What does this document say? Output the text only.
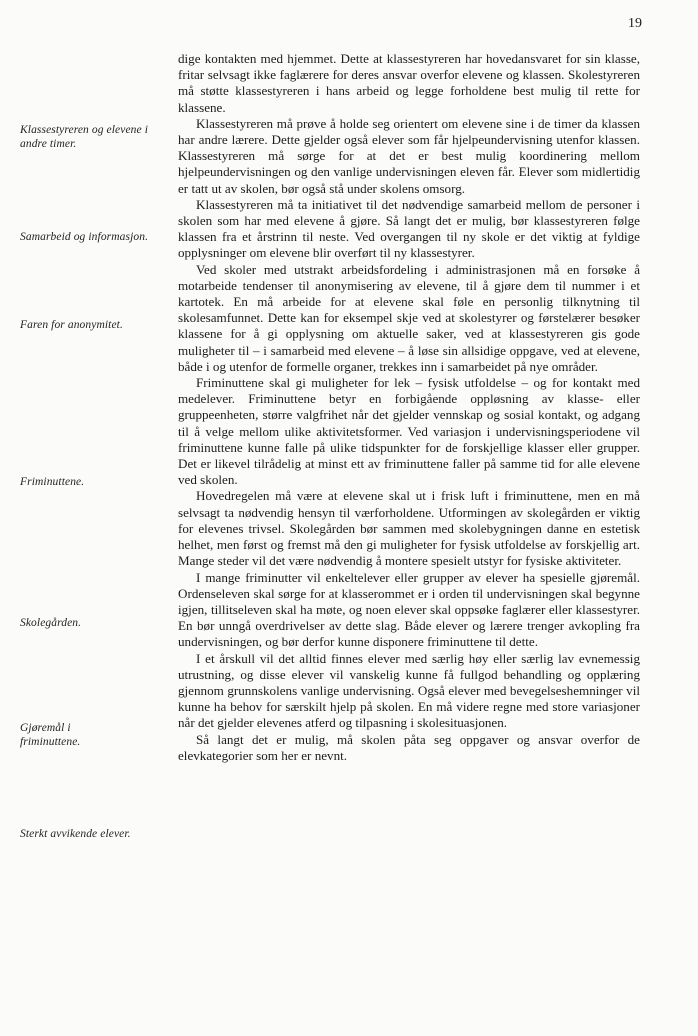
19
Klassestyreren og elevene i andre timer.
Samarbeid og informasjon.
Faren for anonymitet.
Friminuttene.
Skolegården.
Gjøremål i friminuttene.
Sterkt avvikende elever.

dige kontakten med hjemmet. Dette at klassestyreren har hovedansvaret for sin klasse, fritar selvsagt ikke faglærere for deres ansvar overfor elevene og klassen. Skolestyreren må støtte klassestyreren i hans arbeid og legge forholdene best mulig til rette for klassene.

Klassestyreren må prøve å holde seg orientert om elevene sine i de timer da klassen har andre lærere. Dette gjelder også elever som får hjelpeundervisning utenfor klassen. Klassestyreren må sørge for at det er best mulig koordinering mellom hjelpeundervisningen og den vanlige undervisningen eleven får. Elever som midlertidig er tatt ut av skolen, bør også stå under skolens omsorg.

Klassestyreren må ta initiativet til det nødvendige samarbeid mellom de personer i skolen som har med elevene å gjøre. Så langt det er mulig, bør klassestyreren følge klassen fra et årstrinn til neste. Ved overgangen til ny skole er det viktig at fyldige opplysninger om elevene blir overført til ny klassestyrer.

Ved skoler med utstrakt arbeidsfordeling i administrasjonen må en forsøke å motarbeide tendenser til anonymisering av elevene, til å gjøre dem til nummer i et kartotek. En må arbeide for at elevene skal føle en personlig tilknytning til skolesamfunnet. Dette kan for eksempel skje ved at skolestyrer og førstelærer besøker klassene for å gi opplysning om aktuelle saker, ved at klassestyreren gis gode muligheter til – i samarbeid med elevene – å løse sin allsidige oppgave, ved at elevene, både i og utenfor de formelle organer, trekkes inn i samarbeidet på nye områder.

Friminuttene skal gi muligheter for lek – fysisk utfoldelse – og for kontakt med medelever. Friminuttene betyr en forbigående oppløsning av klasse- eller gruppeenheten, større valgfrihet når det gjelder vennskap og sosial kontakt, og adgang til å velge mellom ulike aktivitetsformer. Ved variasjon i undervisningsperiodene vil friminuttene kunne falle på ulike tidspunkter for de forskjellige klasser eller grupper. Det er likevel tilrådelig at minst ett av friminuttene faller på samme tid for alle elevene ved skolen.

Hovedregelen må være at elevene skal ut i frisk luft i friminuttene, men en må selvsagt ta nødvendig hensyn til værforholdene. Utformingen av skolegården er viktig for elevenes trivsel. Skolegården bør sammen med skolebygningen danne en estetisk helhet, men først og fremst må den gi muligheter for fysisk utfoldelse av forskjellig art. Mange steder vil det være nødvendig å montere spesielt utstyr for fysiske aktiviteter.

I mange friminutter vil enkeltelever eller grupper av elever ha spesielle gjøremål. Ordenseleven skal sørge for at klasserommet er i orden til undervisningen skal begynne igjen, tillitseleven skal ha møte, og noen elever skal oppsøke faglærer eller klassestyrer. En bør unngå overdrivelser av dette slag. Både elever og lærere trenger avkopling fra undervisningen, og bør derfor kunne disponere friminuttene til dette.

I et årskull vil det alltid finnes elever med særlig høy eller særlig lav evnemessig utrustning, og disse elever vil vanskelig kunne få fullgod behandling og opplæring gjennom grunnskolens vanlige undervisning. Også elever med bevegelseshemninger vil kunne ha behov for særskilt hjelp på skolen. En må videre regne med store variasjoner når det gjelder elevenes atferd og tilpasning i skolesituasjonen.

Så langt det er mulig, må skolen påta seg oppgaver og ansvar overfor de elevkategorier som her er nevnt.
